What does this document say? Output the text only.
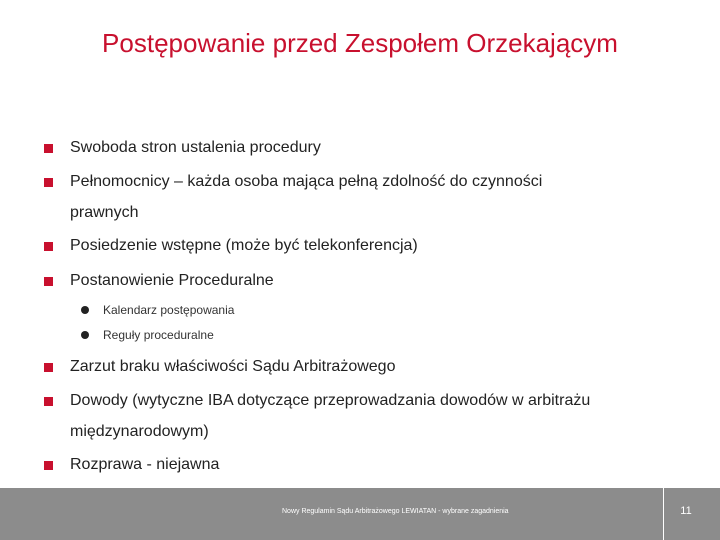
Postępowanie przed Zespołem Orzekającym
Swoboda stron ustalenia procedury
Pełnomocnicy – każda osoba mająca pełną zdolność do czynności
prawnych
Posiedzenie wstępne (może być telekonferencja)
Postanowienie Proceduralne
Kalendarz postępowania
Reguły proceduralne
Zarzut braku właściwości Sądu Arbitrażowego
Dowody (wytyczne IBA dotyczące przeprowadzania dowodów w arbitrażu
międzynarodowym)
Rozprawa - niejawna
Nowy Regulamin Sądu Arbitrażowego LEWIATAN - wybrane zagadnienia	11
